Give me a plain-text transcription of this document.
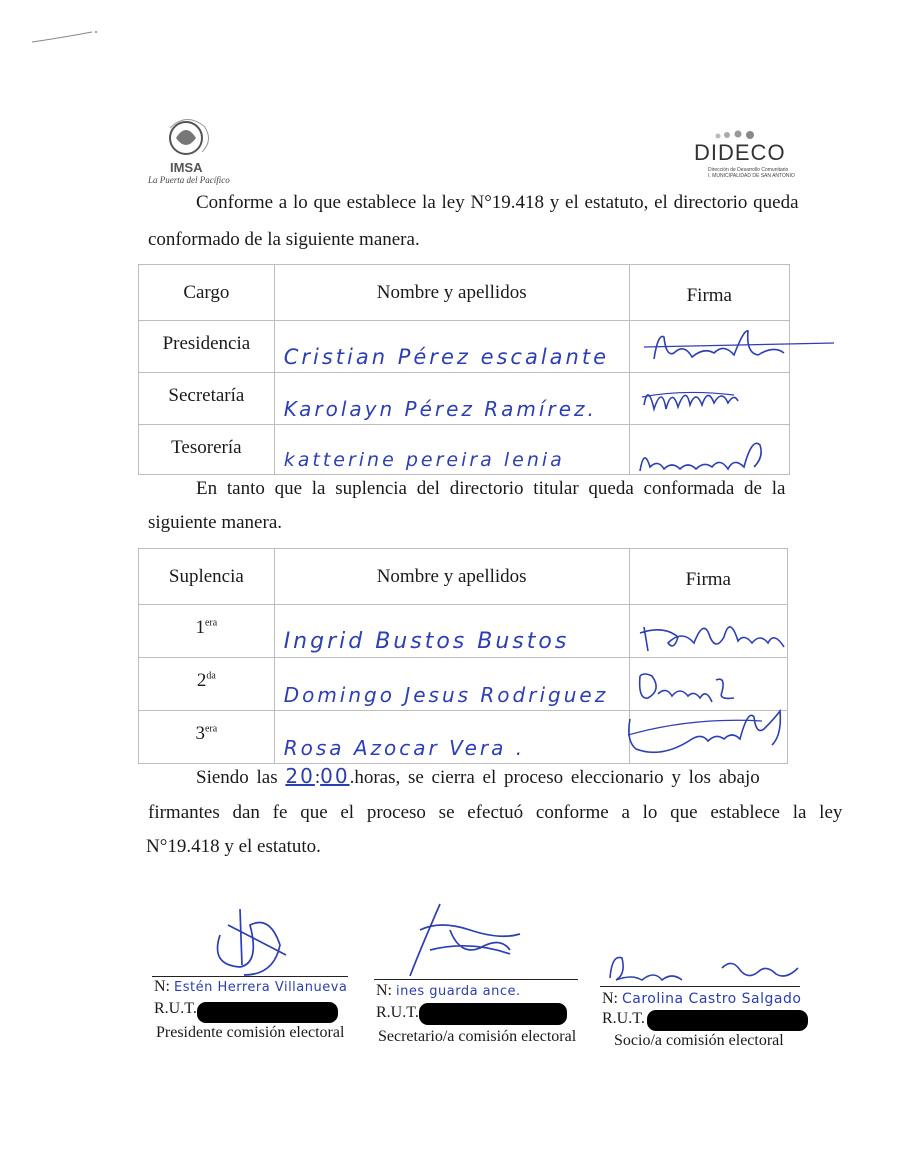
IMSA
La Puerta del Pacífico
DIDECO
Dirección de Desarrollo Comunitario
I. MUNICIPALIDAD DE SAN ANTONIO
Conforme a lo que establece la ley N°19.418 y el estatuto, el directorio queda
conformado de la siguiente manera.
Cargo	Nombre y apellidos	Firma
Presidencia	Cristian Pérez escalante

Secretaría	Karolayn Pérez Ramírez.

Tesorería	katterine pereira lenia

En tanto que la suplencia del directorio titular queda conformada de la
siguiente manera.
Suplencia	Nombre y apellidos	Firma
$1^{era}$	Ingrid Bustos Bustos

$2^{da}$	Domingo Jesus Rodriguez

$3^{era}$	Rosa Azocar Vera .

Siendo las 20:00.horas, se cierra el proceso eleccionario y los abajo
firmantes dan fe que el proceso se efectuó conforme a lo que establece la ley
N°19.418 y el estatuto.
N: Estén Herrera Villanueva
R.U.T.
Presidente comisión electoral
N: ines guarda ance.
R.U.T.
Secretario/a comisión electoral
N: Carolina Castro Salgado
R.U.T.
Socio/a comisión electoral
